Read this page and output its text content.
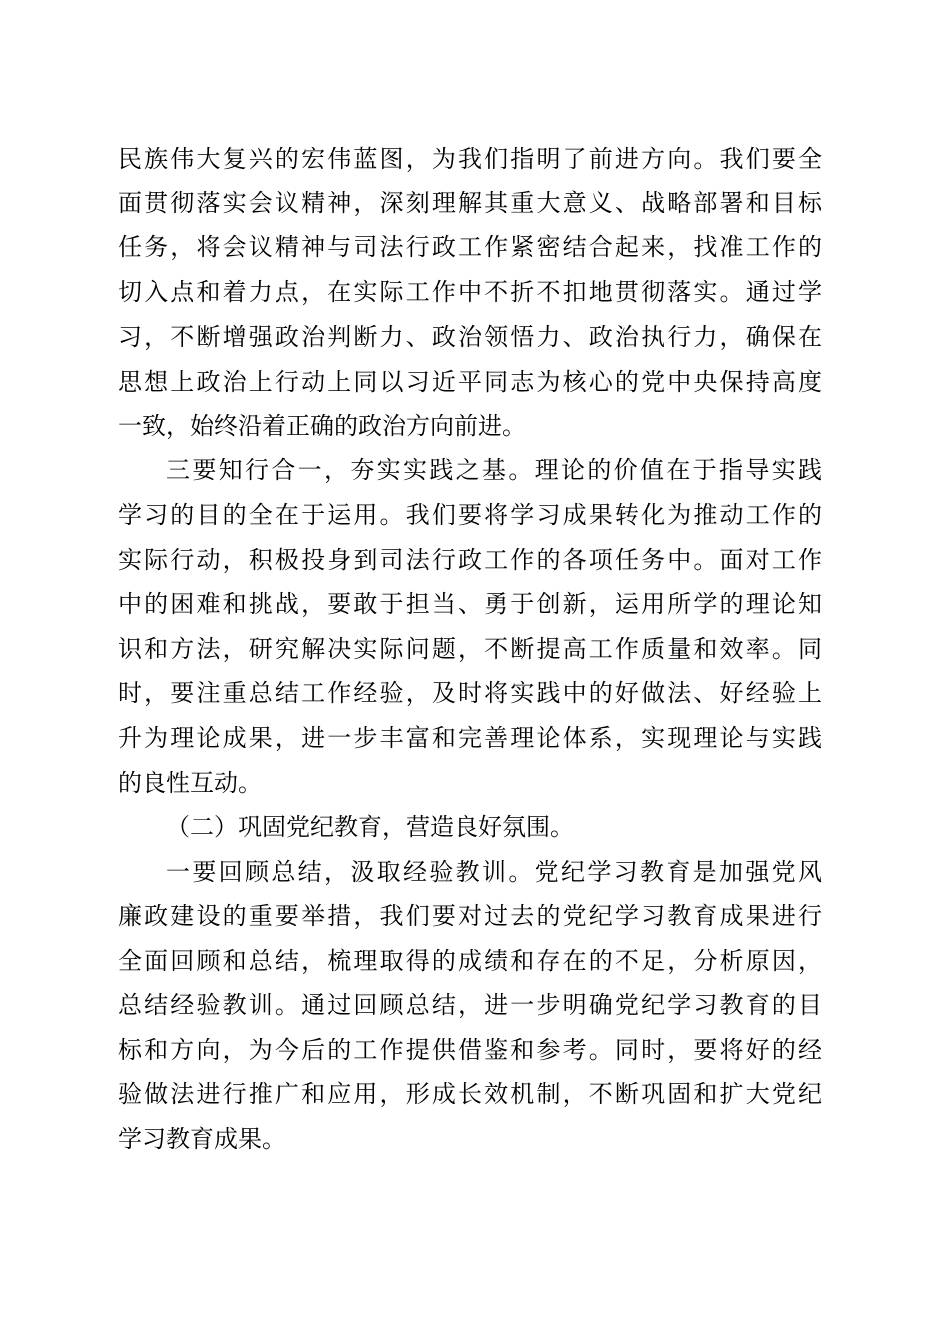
民族伟大复兴的宏伟蓝图，为我们指明了前进方向。我们要全
面贯彻落实会议精神，深刻理解其重大意义、战略部署和目标
任务，将会议精神与司法行政工作紧密结合起来，找准工作的
切入点和着力点，在实际工作中不折不扣地贯彻落实。通过学
习，不断增强政治判断力、政治领悟力、政治执行力，确保在
思想上政治上行动上同以习近平同志为核心的党中央保持高度
一致，始终沿着正确的政治方向前进。
三要知行合一，夯实实践之基。理论的价值在于指导实践
学习的目的全在于运用。我们要将学习成果转化为推动工作的
实际行动，积极投身到司法行政工作的各项任务中。面对工作
中的困难和挑战，要敢于担当、勇于创新，运用所学的理论知
识和方法，研究解决实际问题，不断提高工作质量和效率。同
时，要注重总结工作经验，及时将实践中的好做法、好经验上
升为理论成果，进一步丰富和完善理论体系，实现理论与实践
的良性互动。
（二）巩固党纪教育，营造良好氛围。
一要回顾总结，汲取经验教训。党纪学习教育是加强党风
廉政建设的重要举措，我们要对过去的党纪学习教育成果进行
全面回顾和总结，梳理取得的成绩和存在的不足，分析原因，
总结经验教训。通过回顾总结，进一步明确党纪学习教育的目
标和方向，为今后的工作提供借鉴和参考。同时，要将好的经
验做法进行推广和应用，形成长效机制，不断巩固和扩大党纪
学习教育成果。
